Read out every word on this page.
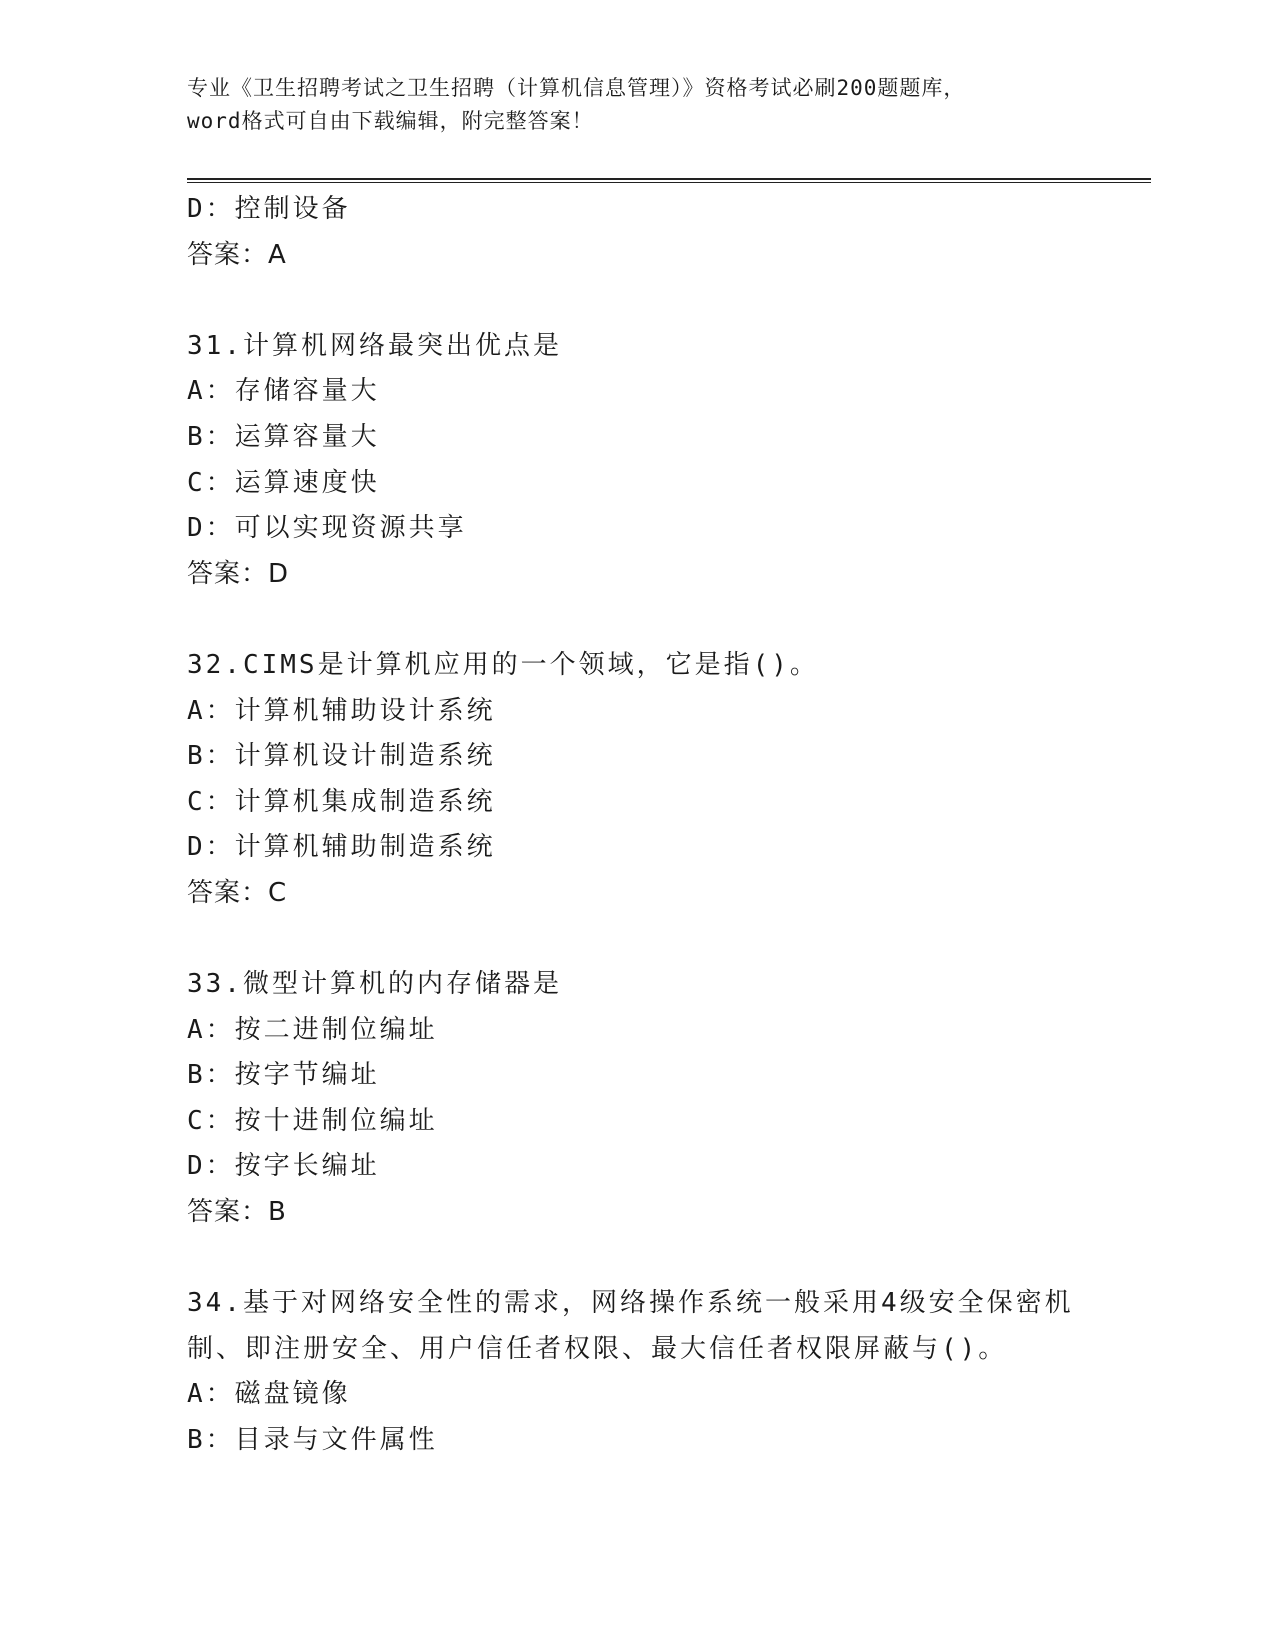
专业《卫生招聘考试之卫生招聘（计算机信息管理）》资格考试必刷200题题库，
word格式可自由下载编辑，附完整答案！
D：控制设备
答案：A
31.计算机网络最突出优点是
A：存储容量大
B：运算容量大
C：运算速度快
D：可以实现资源共享
答案：D
32.CIMS是计算机应用的一个领域，它是指()。
A：计算机辅助设计系统
B：计算机设计制造系统
C：计算机集成制造系统
D：计算机辅助制造系统
答案：C
33.微型计算机的内存储器是
A：按二进制位编址
B：按字节编址
C：按十进制位编址
D：按字长编址
答案：B
34.基于对网络安全性的需求，网络操作系统一般采用4级安全保密机
制、即注册安全、用户信任者权限、最大信任者权限屏蔽与()。
A：磁盘镜像
B：目录与文件属性
